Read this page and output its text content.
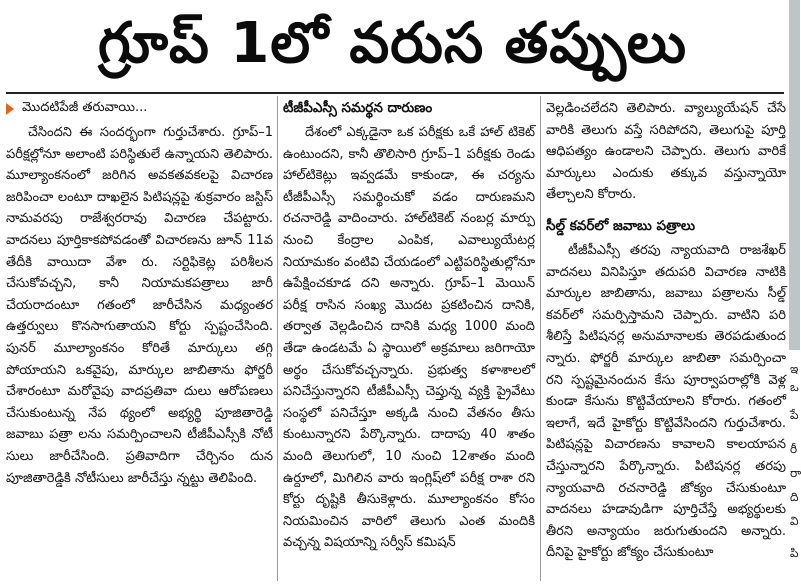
గ్రూప్ 1లో వరుస తప్పులు
మొదటిపేజీ తరువాయి...

చేసిందని ఈ సందర్భంగా గుర్తుచేశారు. గ్రూప్–1 పరీక్షల్లోనూ అలాంటి పరిస్థితులే ఉన్నాయని తెలిపారు. మూల్యాంకనంలో జరిగిన అవకతవకలపై విచారణ జరిపించా లంటూ దాఖలైన పిటిషన్లపై శుక్రవారం జస్టిస్ నామవరపు రాజేశ్వరరావు విచారణ చేపట్టారు. వాదనలు పూర్తికాకపోవడంతో విచారణను జూన్ 11వ తేదీకి వాయిదా వేశా రు. సర్టిఫికెట్ల పరిశీలన చేసుకోవచ్చని, కానీ నియామకపత్రాలు జారీ చేయరాదంటూ గతంలో జారీచేసిన మధ్యంతర ఉత్తర్వులు కొనసాగుతాయని కోర్టు స్పష్టంచేసింది. పునర్ మూల్యాంకనం కోరితే మార్కులు తగ్గి పోయాయని ఒకవైపు, మార్కుల జాబితాను ఫోర్జరీ చేశారంటూ మరోవైపు వాదప్రతివా దులు ఆరోపణలు చేసుకుంటున్న నేప థ్యంలో అభ్యర్థి పూజితారెడ్డి జవాబు పత్రా లను సమర్పించాలని టీజీపీఎస్సీకి నోటీ సులు జారీచేసింది. ప్రతివాదిగా చేర్చినం దున పూజితారెడ్డికి నోటీసులు జారీచేస్తు న్నట్టు తెలిపింది.

టీజీపీఎస్సీ సమర్థన దారుణం

దేశంలో ఎక్కడైనా ఒక పరీక్షకు ఒకే హాల్ టికెట్ ఉంటుందని, కానీ తొలిసారి గ్రూప్–1 పరీక్షకు రెండు హాల్‌టికెట్లు ఇవ్వడమే కాకుండా, ఈ చర్యను టీజీపీఎస్సీ సమర్థించుకో వడం దారుణమని రచనారెడ్డి వాదించారు. హాల్‌టికెట్ నంబర్ల మార్పు నుంచి కేంద్రాల ఎంపిక, ఎవాల్యుయేటర్ల నియామకం వంటివి చేయడంలో ఎట్టిపరిస్థితుల్లోనూ ఉపేక్షించకూడ దని అన్నారు. గ్రూప్–1 మెయిన్ పరీక్ష రాసిన సంఖ్య మొదట ప్రకటించిన దానికి, తర్వాత వెల్లడించిన దానికి మధ్య 1000 మంది తేడా ఉండటమే ఏ స్థాయిలో అక్రమాలు జరిగాయో అర్థం చేసుకోవచ్చన్నారు. ప్రభుత్వ కళాశాలలో పనిచేస్తున్నారని టీజీపీఎస్సీ చెప్తున్న వ్యక్తి ప్రైవేటు సంస్థలో పనిచేస్తూ అక్కడి నుంచి వేతనం తీసు కుంటున్నారని పేర్కొన్నారు. దాదాపు 40 శాతం మంది తెలుగులో, 10 నుంచి 12శాతం మంది ఉర్దూలో, మిగిలిన వారు ఇంగ్లిష్‌లో పరీక్ష రాశా రని కోర్టు దృష్టికి తీసుకెళ్లారు. మూల్యాంకనం కోసం నియమించిన వారిలో తెలుగు ఎంత మందికి వచ్చన్న విషయాన్ని సర్వీస్ కమిషన్

వెల్లడించలేదని తెలిపారు. వ్యాల్యుయేషన్ చేసే వారికి తెలుగు వస్తే సరిపోదని, తెలుగుపై పూర్తి ఆధిపత్యం ఉండాలని చెప్పారు. తెలుగు వారికే మార్కులు ఎందుకు తక్కువ వస్తున్నాయో తేల్చాలని కోరారు.

సీల్డ్ కవర్‌లో జవాబు పత్రాలు

టీజీపీఎస్సీ తరపు న్యాయవాది రాజశేఖర్ వాదనలు వినిపిస్తూ తదుపరి విచారణ నాటికి మార్కుల జాబితాను, జవాబు పత్రాలను సీల్డ్ కవర్‌లో సమర్పిస్తామని చెప్పారు. వాటిని పరి శీలిస్తే పిటిషనర్ల అనుమానాలకు తెరపడుతుంద న్నారు. ఫోర్జరీ మార్కుల జాబితా సమర్పించా రని స్పష్టమైనందున కేసు పూర్వాపరాల్లోకి వెళ్ల కుండా కేసును కొట్టివేయాలని కోరారు. గతంలో ఇలాగే, ఇదే హైకోర్టు కొట్టివేసిందని గుర్తుచేశారు. పిటిషన్లపై విచారణను కావాలని కాలయాపన చేస్తున్నారని పేర్కొన్నారు. పిటిషనర్ల తరపు న్యాయవాది రచనారెడ్డి జోక్యం చేసుకుంటూ వాదనలు హడావుడిగా పూర్తిచేస్తే అభ్యర్థులకు తీరని అన్యాయం జరుగుతుందని అన్నారు. దీనిపై హైకోర్టు జోక్యం చేసుకుంటూ

ఇ
ఒ
పే
రీ
రా
ది
వి
పి
